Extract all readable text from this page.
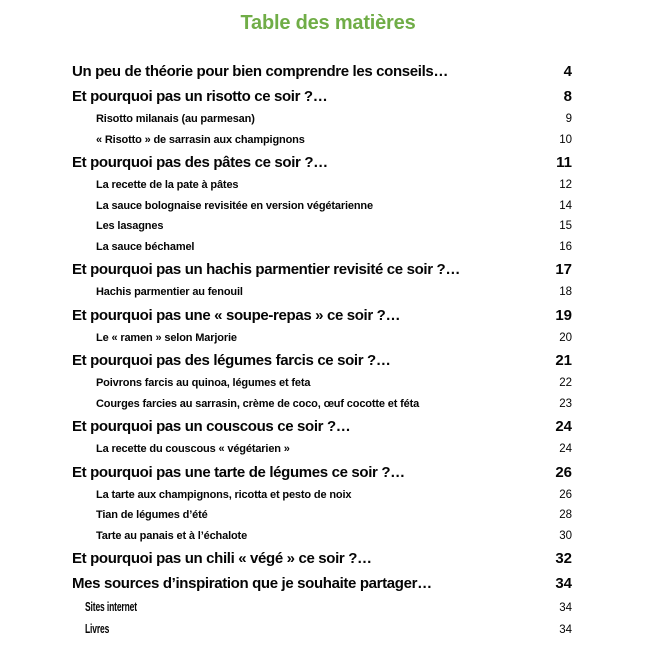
Table des matières
Un peu de théorie pour bien comprendre les conseils…	4
Et pourquoi pas un risotto ce soir ?…	8
Risotto milanais (au parmesan)	9
« Risotto » de sarrasin aux champignons	10
Et pourquoi pas des pâtes ce soir ?…	11
La recette de la pate à pâtes	12
La sauce bolognaise revisitée en version végétarienne	14
Les lasagnes	15
La sauce béchamel	16
Et pourquoi pas un hachis parmentier revisité ce soir ?…	17
Hachis parmentier au fenouil	18
Et pourquoi pas une « soupe-repas » ce soir ?…	19
Le « ramen » selon Marjorie	20
Et pourquoi pas des légumes farcis ce soir ?…	21
Poivrons farcis au quinoa, légumes et feta	22
Courges farcies au sarrasin, crème de coco, œuf cocotte et féta	23
Et pourquoi pas un couscous ce soir ?…	24
La recette du couscous « végétarien »	24
Et pourquoi pas une tarte de légumes ce soir ?…	26
La tarte aux champignons, ricotta et pesto de noix	26
Tian de légumes d’été	28
Tarte au panais et à l’échalote	30
Et pourquoi pas un chili « végé » ce soir ?…	32
Mes sources d’inspiration que je souhaite partager…	34
Sites internet	34
Livres	34
